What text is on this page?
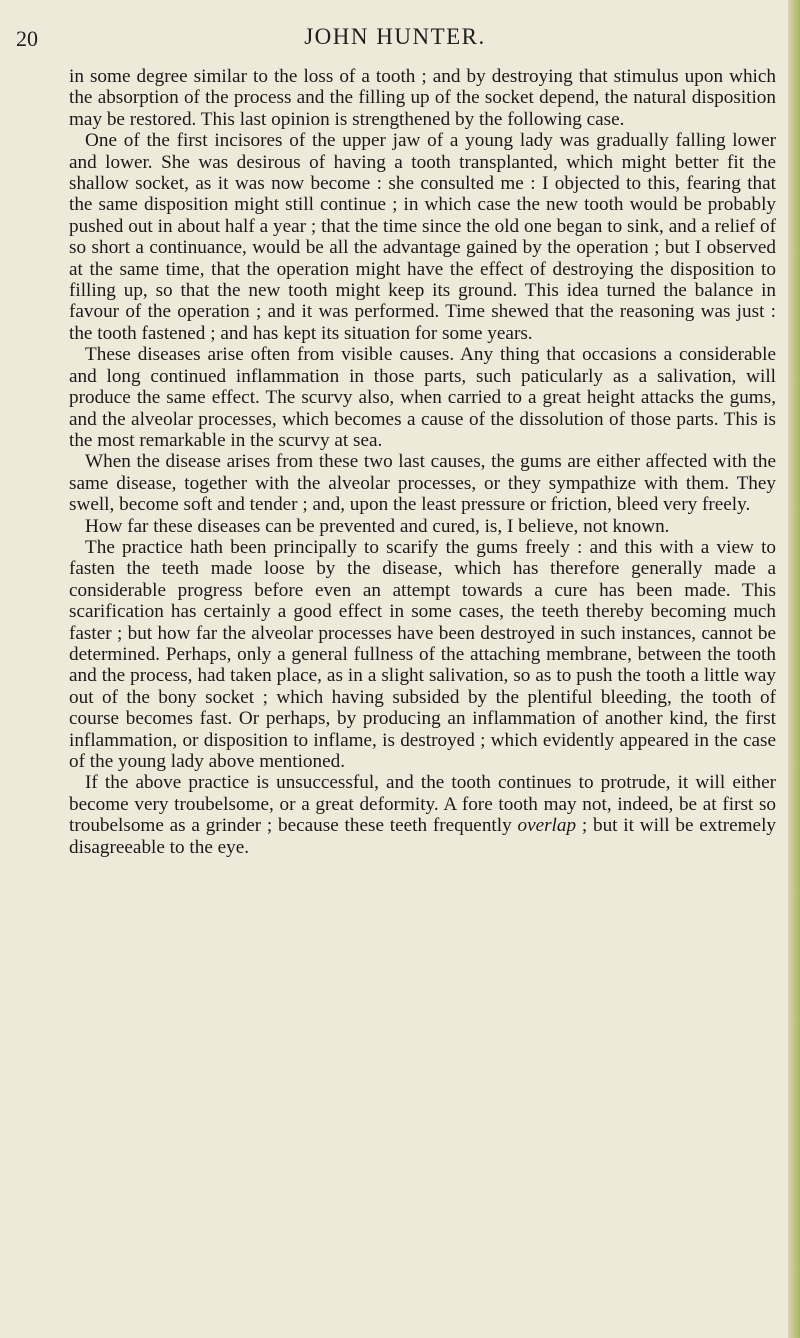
20	JOHN HUNTER.

in some degree similar to the loss of a tooth ; and by destroying that stimulus upon which the absorption of the process and the filling up of the socket depend, the natural disposition may be restored. This last opinion is strengthened by the following case.

One of the first incisores of the upper jaw of a young lady was gradually falling lower and lower. She was desirous of having a tooth transplanted, which might better fit the shallow socket, as it was now become : she consulted me : I objected to this, fearing that the same disposition might still continue ; in which case the new tooth would be probably pushed out in about half a year ; that the time since the old one began to sink, and a relief of so short a continuance, would be all the advantage gained by the operation ; but I observed at the same time, that the operation might have the effect of destroying the disposition to filling up, so that the new tooth might keep its ground. This idea turned the balance in favour of the operation ; and it was performed. Time shewed that the reasoning was just : the tooth fastened ; and has kept its situation for some years.

These diseases arise often from visible causes. Any thing that occasions a considerable and long continued inflammation in those parts, such paticularly as a salivation, will produce the same effect. The scurvy also, when carried to a great height attacks the gums, and the alveolar processes, which becomes a cause of the dissolution of those parts. This is the most remarkable in the scurvy at sea.

When the disease arises from these two last causes, the gums are either affected with the same disease, together with the alveolar processes, or they sympathize with them. They swell, become soft and tender ; and, upon the least pressure or friction, bleed very freely.

How far these diseases can be prevented and cured, is, I believe, not known.

The practice hath been principally to scarify the gums freely : and this with a view to fasten the teeth made loose by the disease, which has therefore generally made a considerable progress before even an attempt towards a cure has been made. This scarification has certainly a good effect in some cases, the teeth thereby becoming much faster ; but how far the alveolar processes have been destroyed in such instances, cannot be determined. Perhaps, only a general fullness of the attaching membrane, between the tooth and the process, had taken place, as in a slight salivation, so as to push the tooth a little way out of the bony socket ; which having subsided by the plentiful bleeding, the tooth of course becomes fast. Or perhaps, by producing an inflammation of another kind, the first inflammation, or disposition to inflame, is destroyed ; which evidently appeared in the case of the young lady above mentioned.

If the above practice is unsuccessful, and the tooth continues to protrude, it will either become very troubelsome, or a great deformity. A fore tooth may not, indeed, be at first so troubelsome as a grinder ; because these teeth frequently overlap ; but it will be extremely disagreeable to the eye.
